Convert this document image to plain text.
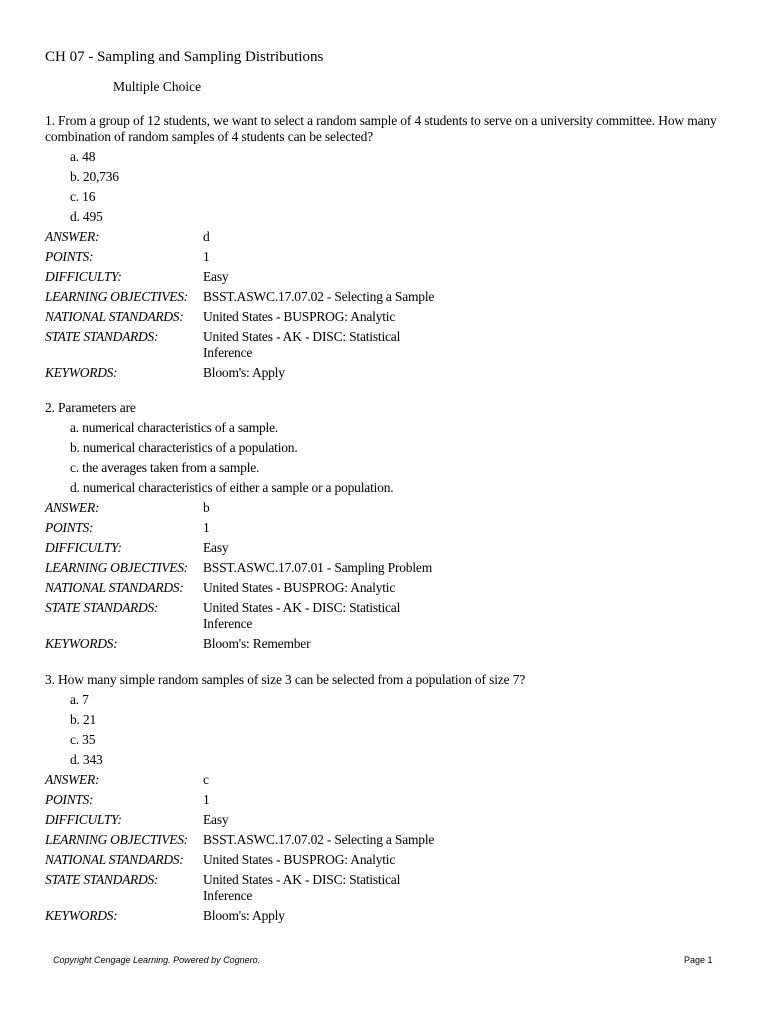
CH 07 - Sampling and Sampling Distributions
Multiple Choice

1. From a group of 12 students, we want to select a random sample of 4 students to serve on a university committee. How many combination of random samples of 4 students can be selected?

a. 48
b. 20,736
c. 16
d. 495
ANSWER:	d
POINTS:	1
DIFFICULTY:	Easy
LEARNING OBJECTIVES:	BSST.ASWC.17.07.02 - Selecting a Sample
NATIONAL STANDARDS:	United States - BUSPROG: Analytic
STATE STANDARDS:	United States - AK - DISC: Statistical Inference
KEYWORDS:	Bloom's: Apply

2. Parameters are

a. numerical characteristics of a sample.
b. numerical characteristics of a population.
c. the averages taken from a sample.
d. numerical characteristics of either a sample or a population.
ANSWER:	b
POINTS:	1
DIFFICULTY:	Easy
LEARNING OBJECTIVES:	BSST.ASWC.17.07.01 - Sampling Problem
NATIONAL STANDARDS:	United States - BUSPROG: Analytic
STATE STANDARDS:	United States - AK - DISC: Statistical Inference
KEYWORDS:	Bloom's: Remember

3. How many simple random samples of size 3 can be selected from a population of size 7?

a. 7
b. 21
c. 35
d. 343
ANSWER:	c
POINTS:	1
DIFFICULTY:	Easy
LEARNING OBJECTIVES:	BSST.ASWC.17.07.02 - Selecting a Sample
NATIONAL STANDARDS:	United States - BUSPROG: Analytic
STATE STANDARDS:	United States - AK - DISC: Statistical Inference
KEYWORDS:	Bloom's: Apply
Copyright Cengage Learning. Powered by Cognero.	Page 1
